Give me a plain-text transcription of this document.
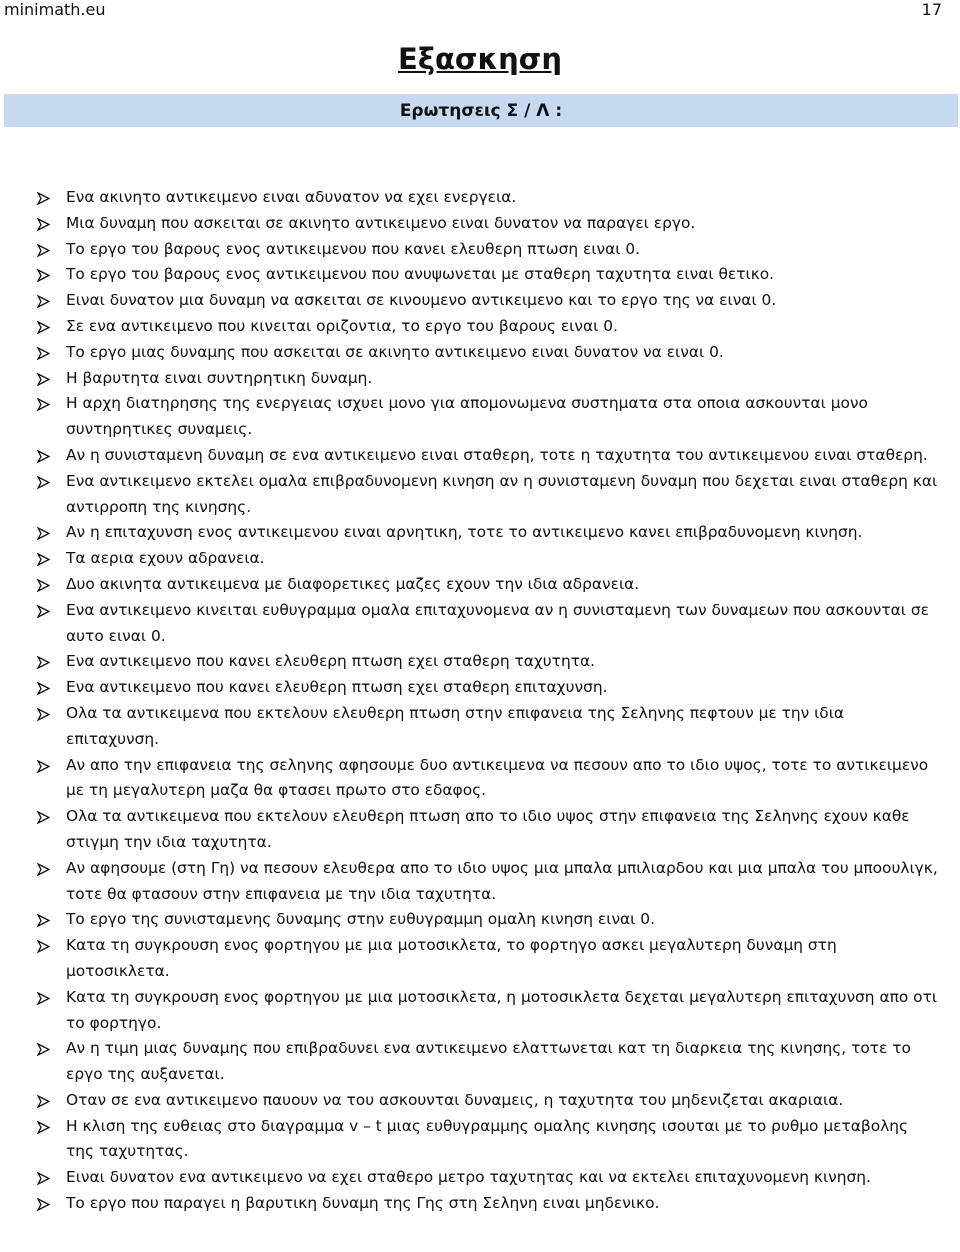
minimath.eu	17
Εξασκηση
Ερωτησεις Σ / Λ :
Ενα ακινητο αντικειμενο ειναι αδυνατον να εχει ενεργεια.
Μια δυναμη που ασκειται σε ακινητο αντικειμενο ειναι δυνατον να παραγει εργο.
Το εργο του βαρους ενος αντικειμενου που κανει ελευθερη πτωση ειναι 0.
Το εργο του βαρους ενος αντικειμενου που ανυψωνεται με σταθερη ταχυτητα ειναι θετικο.
Ειναι δυνατον μια δυναμη να ασκειται σε κινουμενο αντικειμενο και το εργο της να ειναι 0.
Σε ενα αντικειμενο που κινειται οριζοντια, το εργο του βαρους ειναι 0.
Το εργο μιας δυναμης που ασκειται σε ακινητο αντικειμενο ειναι δυνατον να ειναι 0.
Η βαρυτητα ειναι συντηρητικη δυναμη.
Η αρχη διατηρησης της ενεργειας ισχυει μονο για απομονωμενα συστηματα στα οποια ασκουνται μονο συντηρητικες συναμεις.
Αν η συνισταμενη δυναμη σε ενα αντικειμενο ειναι σταθερη, τοτε η ταχυτητα του αντικειμενου ειναι σταθερη.
Ενα αντικειμενο εκτελει ομαλα επιβραδυνομενη κινηση αν η συνισταμενη δυναμη που δεχεται ειναι σταθερη και αντιρροπη της κινησης.
Αν η επιταχυνση ενος αντικειμενου ειναι αρνητικη, τοτε το αντικειμενο κανει επιβραδυνομενη κινηση.
Τα αερια εχουν αδρανεια.
Δυο ακινητα αντικειμενα με διαφορετικες μαζες εχουν την ιδια αδρανεια.
Ενα αντικειμενο κινειται ευθυγραμμα ομαλα επιταχυνομενα αν η συνισταμενη των δυναμεων που ασκουνται σε αυτο ειναι 0.
Ενα αντικειμενο που κανει ελευθερη πτωση εχει σταθερη ταχυτητα.
Ενα αντικειμενο που κανει ελευθερη πτωση εχει σταθερη επιταχυνση.
Ολα τα αντικειμενα που εκτελουν ελευθερη πτωση στην επιφανεια της Σεληνης πεφτουν με την ιδια επιταχυνση.
Αν απο την επιφανεια της σεληνης αφησουμε δυο αντικειμενα να πεσουν απο το ιδιο υψος, τοτε το αντικειμενο με τη μεγαλυτερη μαζα θα φτασει πρωτο στο εδαφος.
Ολα τα αντικειμενα που εκτελουν ελευθερη πτωση απο το ιδιο υψος στην επιφανεια της Σεληνης εχουν καθε στιγμη την ιδια ταχυτητα.
Αν αφησουμε (στη Γη) να πεσουν ελευθερα απο το ιδιο υψος μια μπαλα μπιλιαρδου και μια μπαλα του μποουλιγκ, τοτε θα φτασουν στην επιφανεια με την ιδια ταχυτητα.
Το εργο της συνισταμενης δυναμης στην ευθυγραμμη ομαλη κινηση ειναι 0.
Κατα τη συγκρουση ενος φορτηγου με μια μοτοσικλετα, το φορτηγο ασκει μεγαλυτερη δυναμη στη μοτοσικλετα.
Κατα τη συγκρουση ενος φορτηγου με μια μοτοσικλετα, η μοτοσικλετα δεχεται μεγαλυτερη επιταχυνση απο οτι το φορτηγο.
Αν η τιμη μιας δυναμης που επιβραδυνει ενα αντικειμενο ελαττωνεται κατ τη διαρκεια της κινησης, τοτε το εργο της αυξανεται.
Οταν σε ενα αντικειμενο παυουν να του ασκουνται δυναμεις, η ταχυτητα του μηδενιζεται ακαριαια.
Η κλιση της ευθειας στο διαγραμμα v – t μιας ευθυγραμμης ομαλης κινησης ισουται με το ρυθμο μεταβολης της ταχυτητας.
Ειναι δυνατον ενα αντικειμενο να εχει σταθερο μετρο ταχυτητας και να εκτελει επιταχυνομενη κινηση.
Το εργο που παραγει η βαρυτικη δυναμη της Γης στη Σεληνη ειναι μηδενικο.
